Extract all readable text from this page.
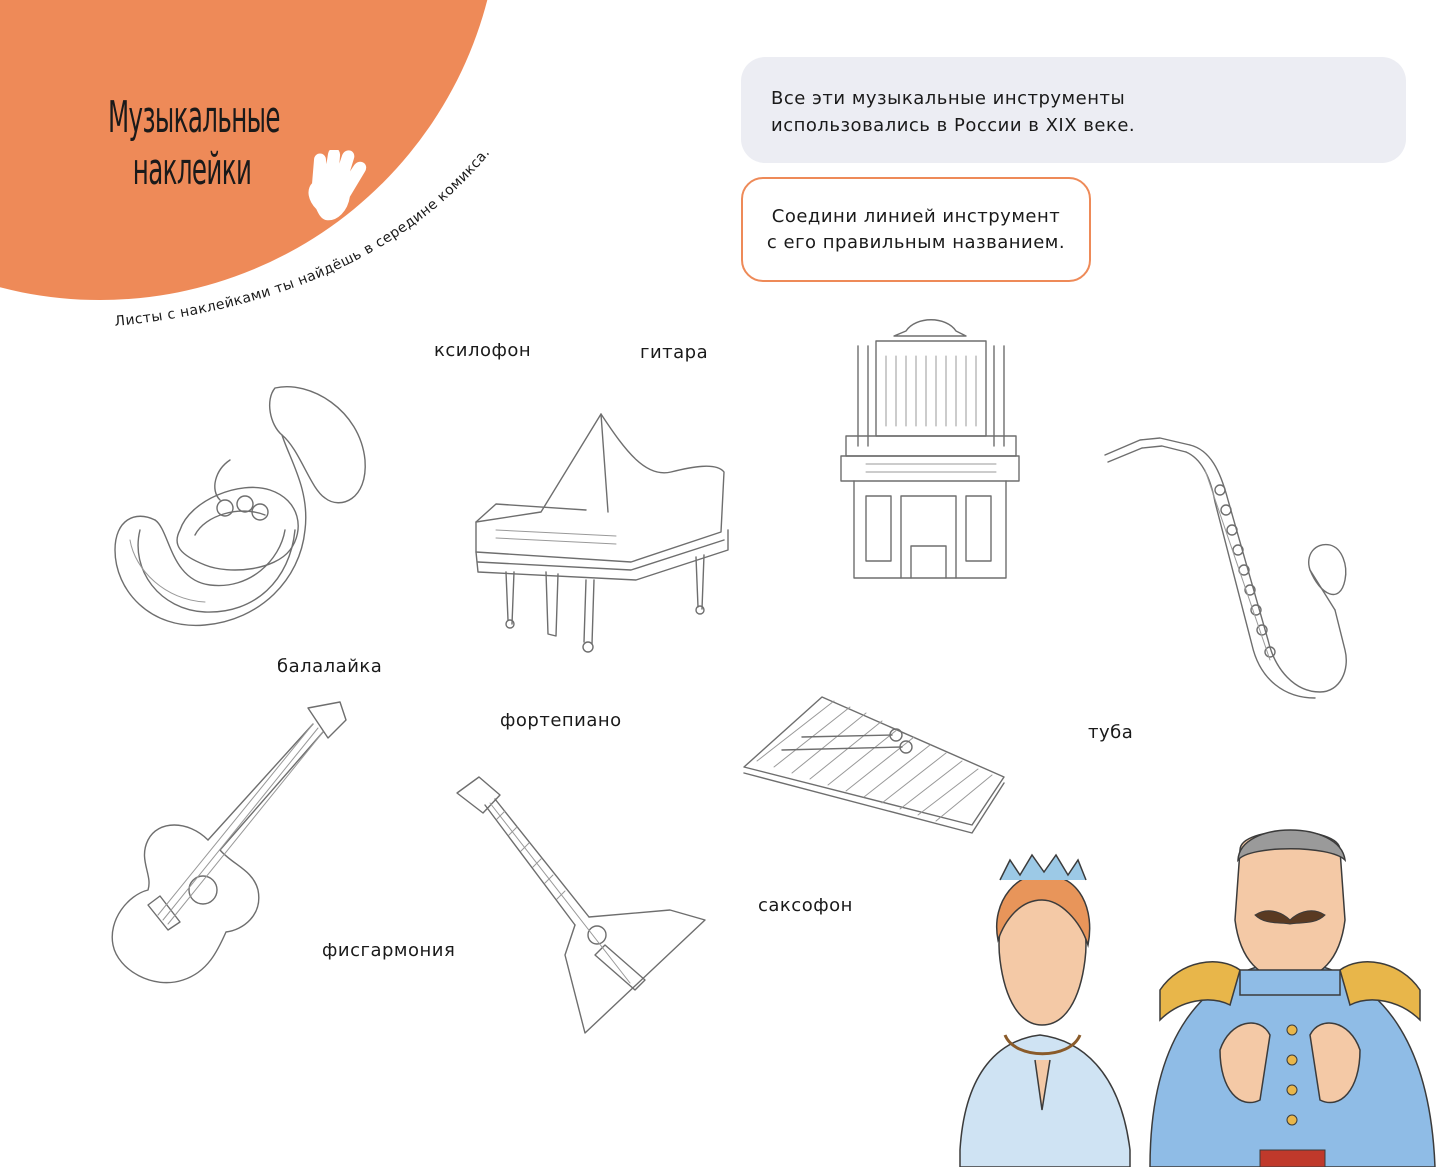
Музыкальные
наклейки
Листы с наклейками ты найдёшь в середине комикса.
Все эти музыкальные инструменты
использовались в России в XIX веке.
Соедини линией инструмент
с его правильным названием.
ксилофон	гитара
балалайка
фортепиано
туба
фисгармония
саксофон
